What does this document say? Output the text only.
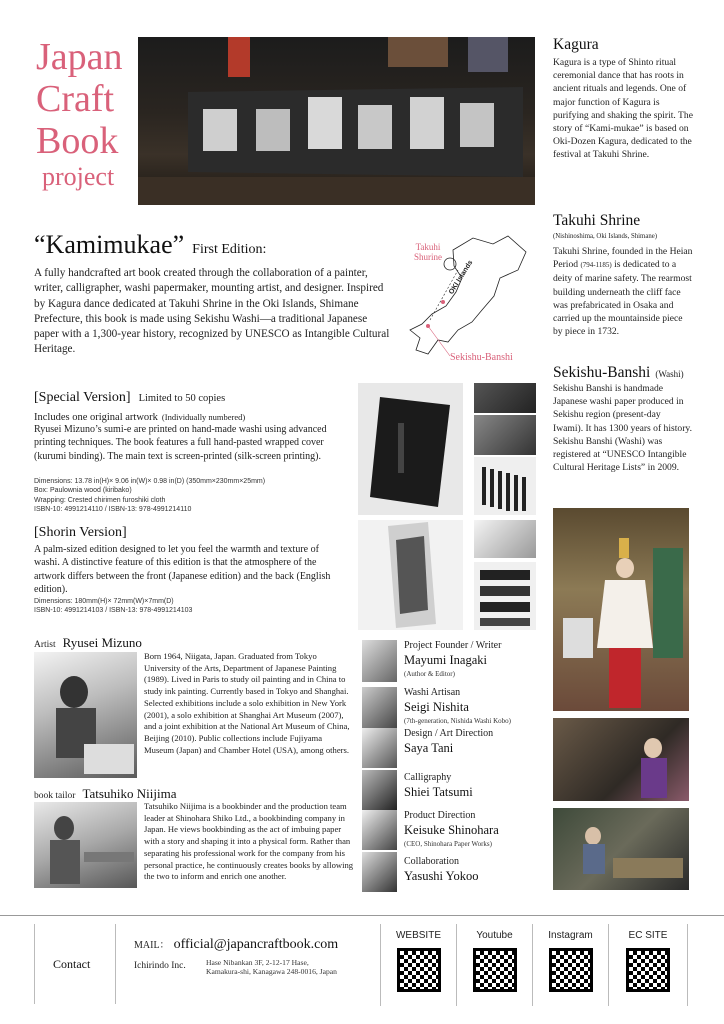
Japan
Craft
Book
project
“Kamimukae” First Edition:
A fully handcrafted art book created through the collaboration of a painter, writer, calligrapher, washi papermaker, mounting artist, and designer. Inspired by Kagura dance dedicated at Takuhi Shrine in the Oki Islands, Shimane Prefecture, this book is made using Sekishu Washi—a traditional Japanese paper with a 1,300-year history, recognized by UNESCO as Intangible Cultural Heritage.
Takuhi Shurine
OKI Islands
Sekishu-Banshi
[Special Version] Limited to 50 copies
Includes one original artwork (Individually numbered)
Ryusei Mizuno’s sumi-e are printed on hand-made washi using advanced printing techniques. The book features a full hand-pasted wrapped cover (kurumi binding). The main text is screen-printed (silk-screen printing).
Dimensions: 13.78 in(H)× 9.06 in(W)× 0.98 in(D) (350mm×230mm×25mm)
Box: Paulownia wood (kiribako)
Wrapping: Crested chirimen furoshiki cloth
ISBN-10: 4991214110 / ISBN-13: 978-4991214110
[Shorin Version]
A palm-sized edition designed to let you feel the warmth and texture of washi. A distinctive feature of this edition is that the atmosphere of the artwork differs between the front (Japanese edition) and the back (English edition).
Dimensions: 180mm(H)× 72mm(W)×7mm(D)
ISBN-10: 4991214103 / ISBN-13: 978-4991214103
Artist Ryusei Mizuno
Born 1964, Niigata, Japan. Graduated from Tokyo University of the Arts, Department of Japanese Painting (1989). Lived in Paris to study oil painting and in China to study ink painting. Currently based in Tokyo and Shanghai. Selected exhibitions include a solo exhibition in New York (2001), a solo exhibition at Shanghai Art Museum (2007), and a joint exhibition at the National Art Museum of China, Beijing (2010). Public collections include Fujiyama Museum (Japan) and Chamber Hotel (USA), among others.
book tailor Tatsuhiko Niijima
Tatsuhiko Niijima is a bookbinder and the production team leader at Shinohara Shiko Ltd., a bookbinding company in Japan. He views bookbinding as the act of imbuing paper with a story and shaping it into a physical form. Rather than separating his professional work for the company from his personal practice, he continuously creates books by allowing the two to inform and enrich one another.
Project Founder / Writer
Mayumi Inagaki
(Author & Editor)
Washi Artisan
Seigi Nishita
(7th-generation, Nishida Washi Kobo)
Design / Art Direction
Saya Tani
Calligraphy
Shiei Tatsumi
Product Direction
Keisuke Shinohara
(CEO, Shinohara Paper Works)
Collaboration
Yasushi Yokoo
Kagura
Kagura is a type of Shinto ritual ceremonial dance that has roots in ancient rituals and legends. One of major function of Kagura is purifying and shaking the spirit. The story of “Kami-mukae” is based on Oki-Dozen Kagura, dedicated to the festival at Takuhi Shrine.
Takuhi Shrine
(Nishinoshima, Oki Islands, Shimane)
Takuhi Shrine, founded in the Heian Period (794-1185) is dedicated to a deity of marine safety. The rearmost building underneath the cliff face was prefabricated in Osaka and carried up the mountainside piece by piece in 1732.
Sekishu-Banshi (Washi)
Sekishu Banshi is handmade Japanese washi paper produced in Sekishu region (present-day Iwami). It has 1300 years of history. Sekishu Banshi (Washi) was registered at “UNESCO Intangible Cultural Heritage Lists” in 2009.
Contact
MAIL： official@japancraftbook.com
Ichirindo Inc.	Hase Nibankan 3F, 2-12-17 Hase,
Kamakura-shi, Kanagawa 248-0016, Japan
WEBSITE	Youtube	Instagram	EC SITE
